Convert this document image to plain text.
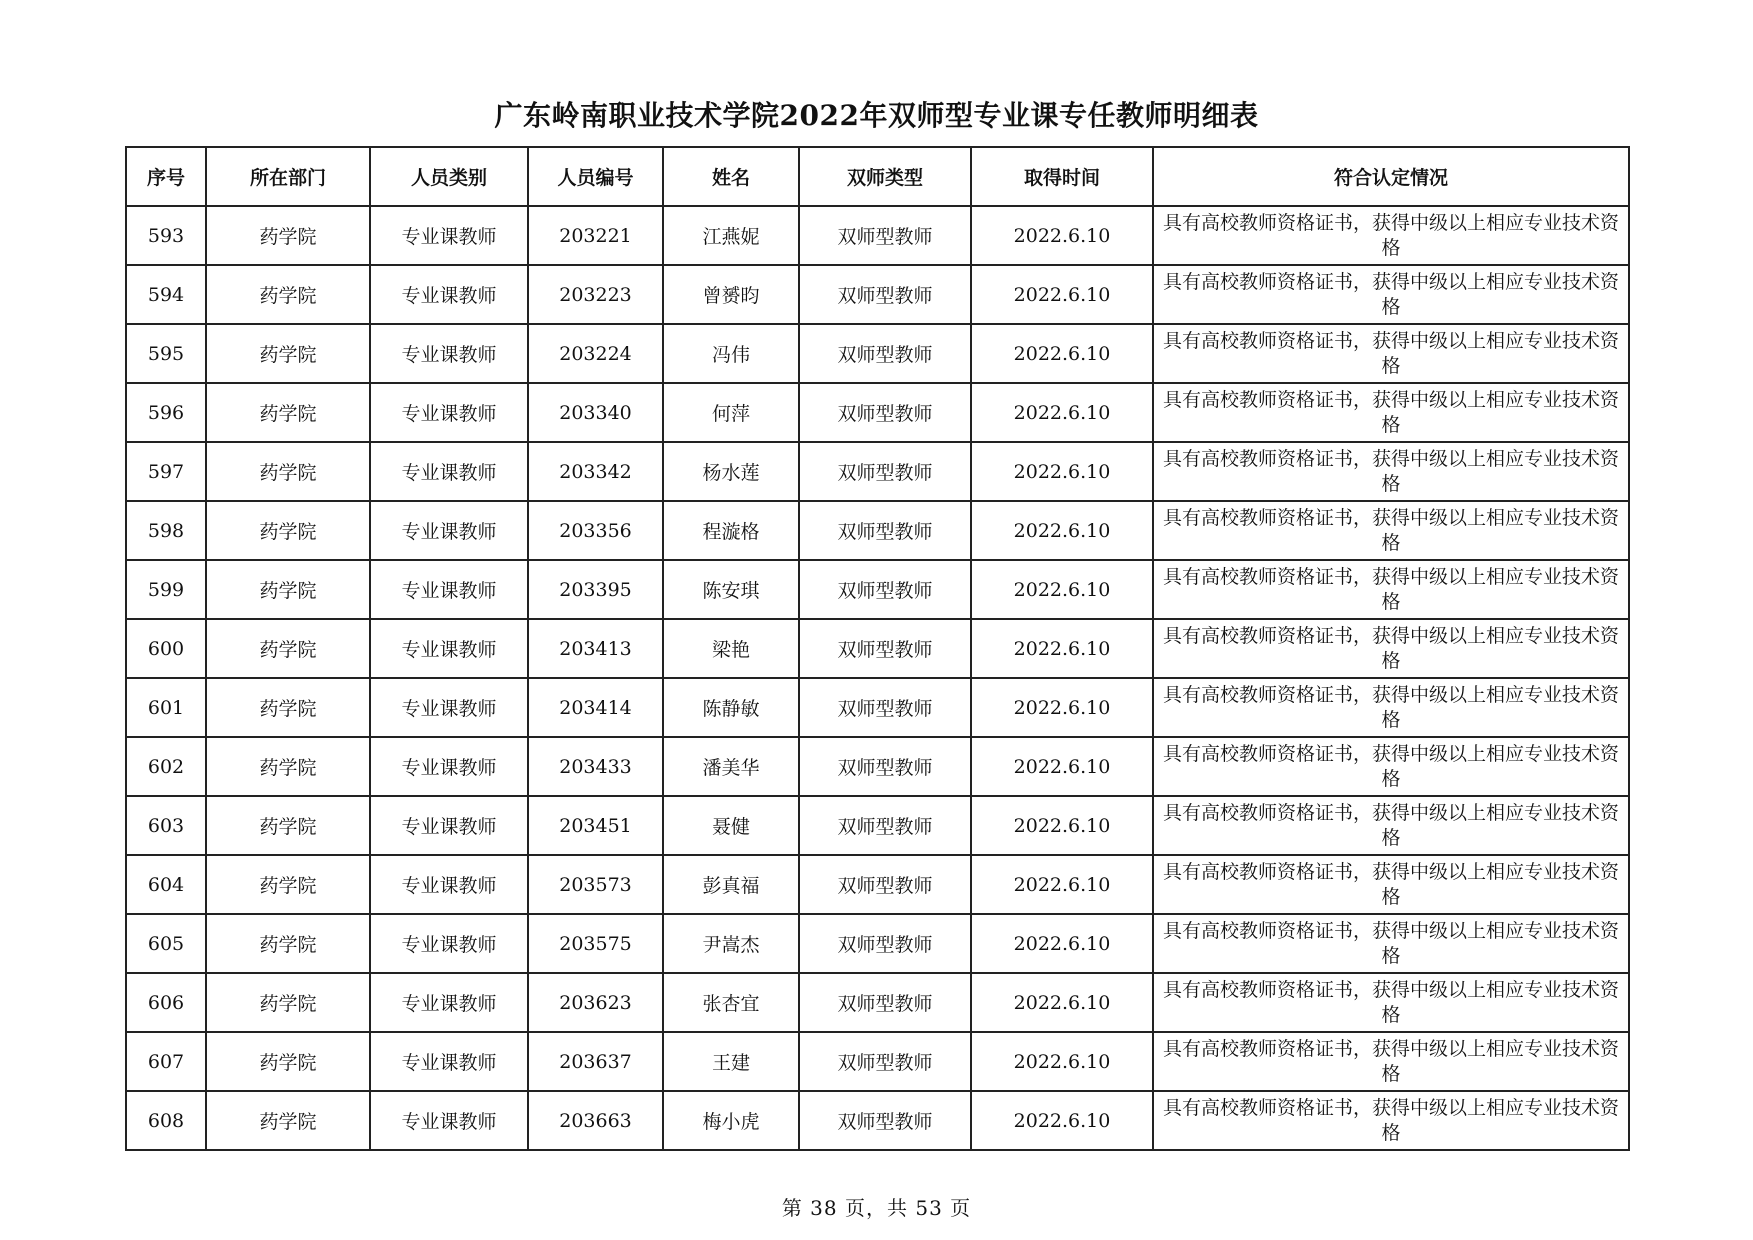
广东岭南职业技术学院2022年双师型专业课专任教师明细表
序号	所在部门	人员类别	人员编号	姓名	双师类型	取得时间	符合认定情况
593	药学院	专业课教师	203221	江燕妮	双师型教师	2022.6.10	具有高校教师资格证书，获得中级以上相应专业技术资格
594	药学院	专业课教师	203223	曾赟昀	双师型教师	2022.6.10	具有高校教师资格证书，获得中级以上相应专业技术资格
595	药学院	专业课教师	203224	冯伟	双师型教师	2022.6.10	具有高校教师资格证书，获得中级以上相应专业技术资格
596	药学院	专业课教师	203340	何萍	双师型教师	2022.6.10	具有高校教师资格证书，获得中级以上相应专业技术资格
597	药学院	专业课教师	203342	杨水莲	双师型教师	2022.6.10	具有高校教师资格证书，获得中级以上相应专业技术资格
598	药学院	专业课教师	203356	程漩格	双师型教师	2022.6.10	具有高校教师资格证书，获得中级以上相应专业技术资格
599	药学院	专业课教师	203395	陈安琪	双师型教师	2022.6.10	具有高校教师资格证书，获得中级以上相应专业技术资格
600	药学院	专业课教师	203413	梁艳	双师型教师	2022.6.10	具有高校教师资格证书，获得中级以上相应专业技术资格
601	药学院	专业课教师	203414	陈静敏	双师型教师	2022.6.10	具有高校教师资格证书，获得中级以上相应专业技术资格
602	药学院	专业课教师	203433	潘美华	双师型教师	2022.6.10	具有高校教师资格证书，获得中级以上相应专业技术资格
603	药学院	专业课教师	203451	聂健	双师型教师	2022.6.10	具有高校教师资格证书，获得中级以上相应专业技术资格
604	药学院	专业课教师	203573	彭真福	双师型教师	2022.6.10	具有高校教师资格证书，获得中级以上相应专业技术资格
605	药学院	专业课教师	203575	尹嵩杰	双师型教师	2022.6.10	具有高校教师资格证书，获得中级以上相应专业技术资格
606	药学院	专业课教师	203623	张杏宜	双师型教师	2022.6.10	具有高校教师资格证书，获得中级以上相应专业技术资格
607	药学院	专业课教师	203637	王建	双师型教师	2022.6.10	具有高校教师资格证书，获得中级以上相应专业技术资格
608	药学院	专业课教师	203663	梅小虎	双师型教师	2022.6.10	具有高校教师资格证书，获得中级以上相应专业技术资格
第 38 页，共 53 页
